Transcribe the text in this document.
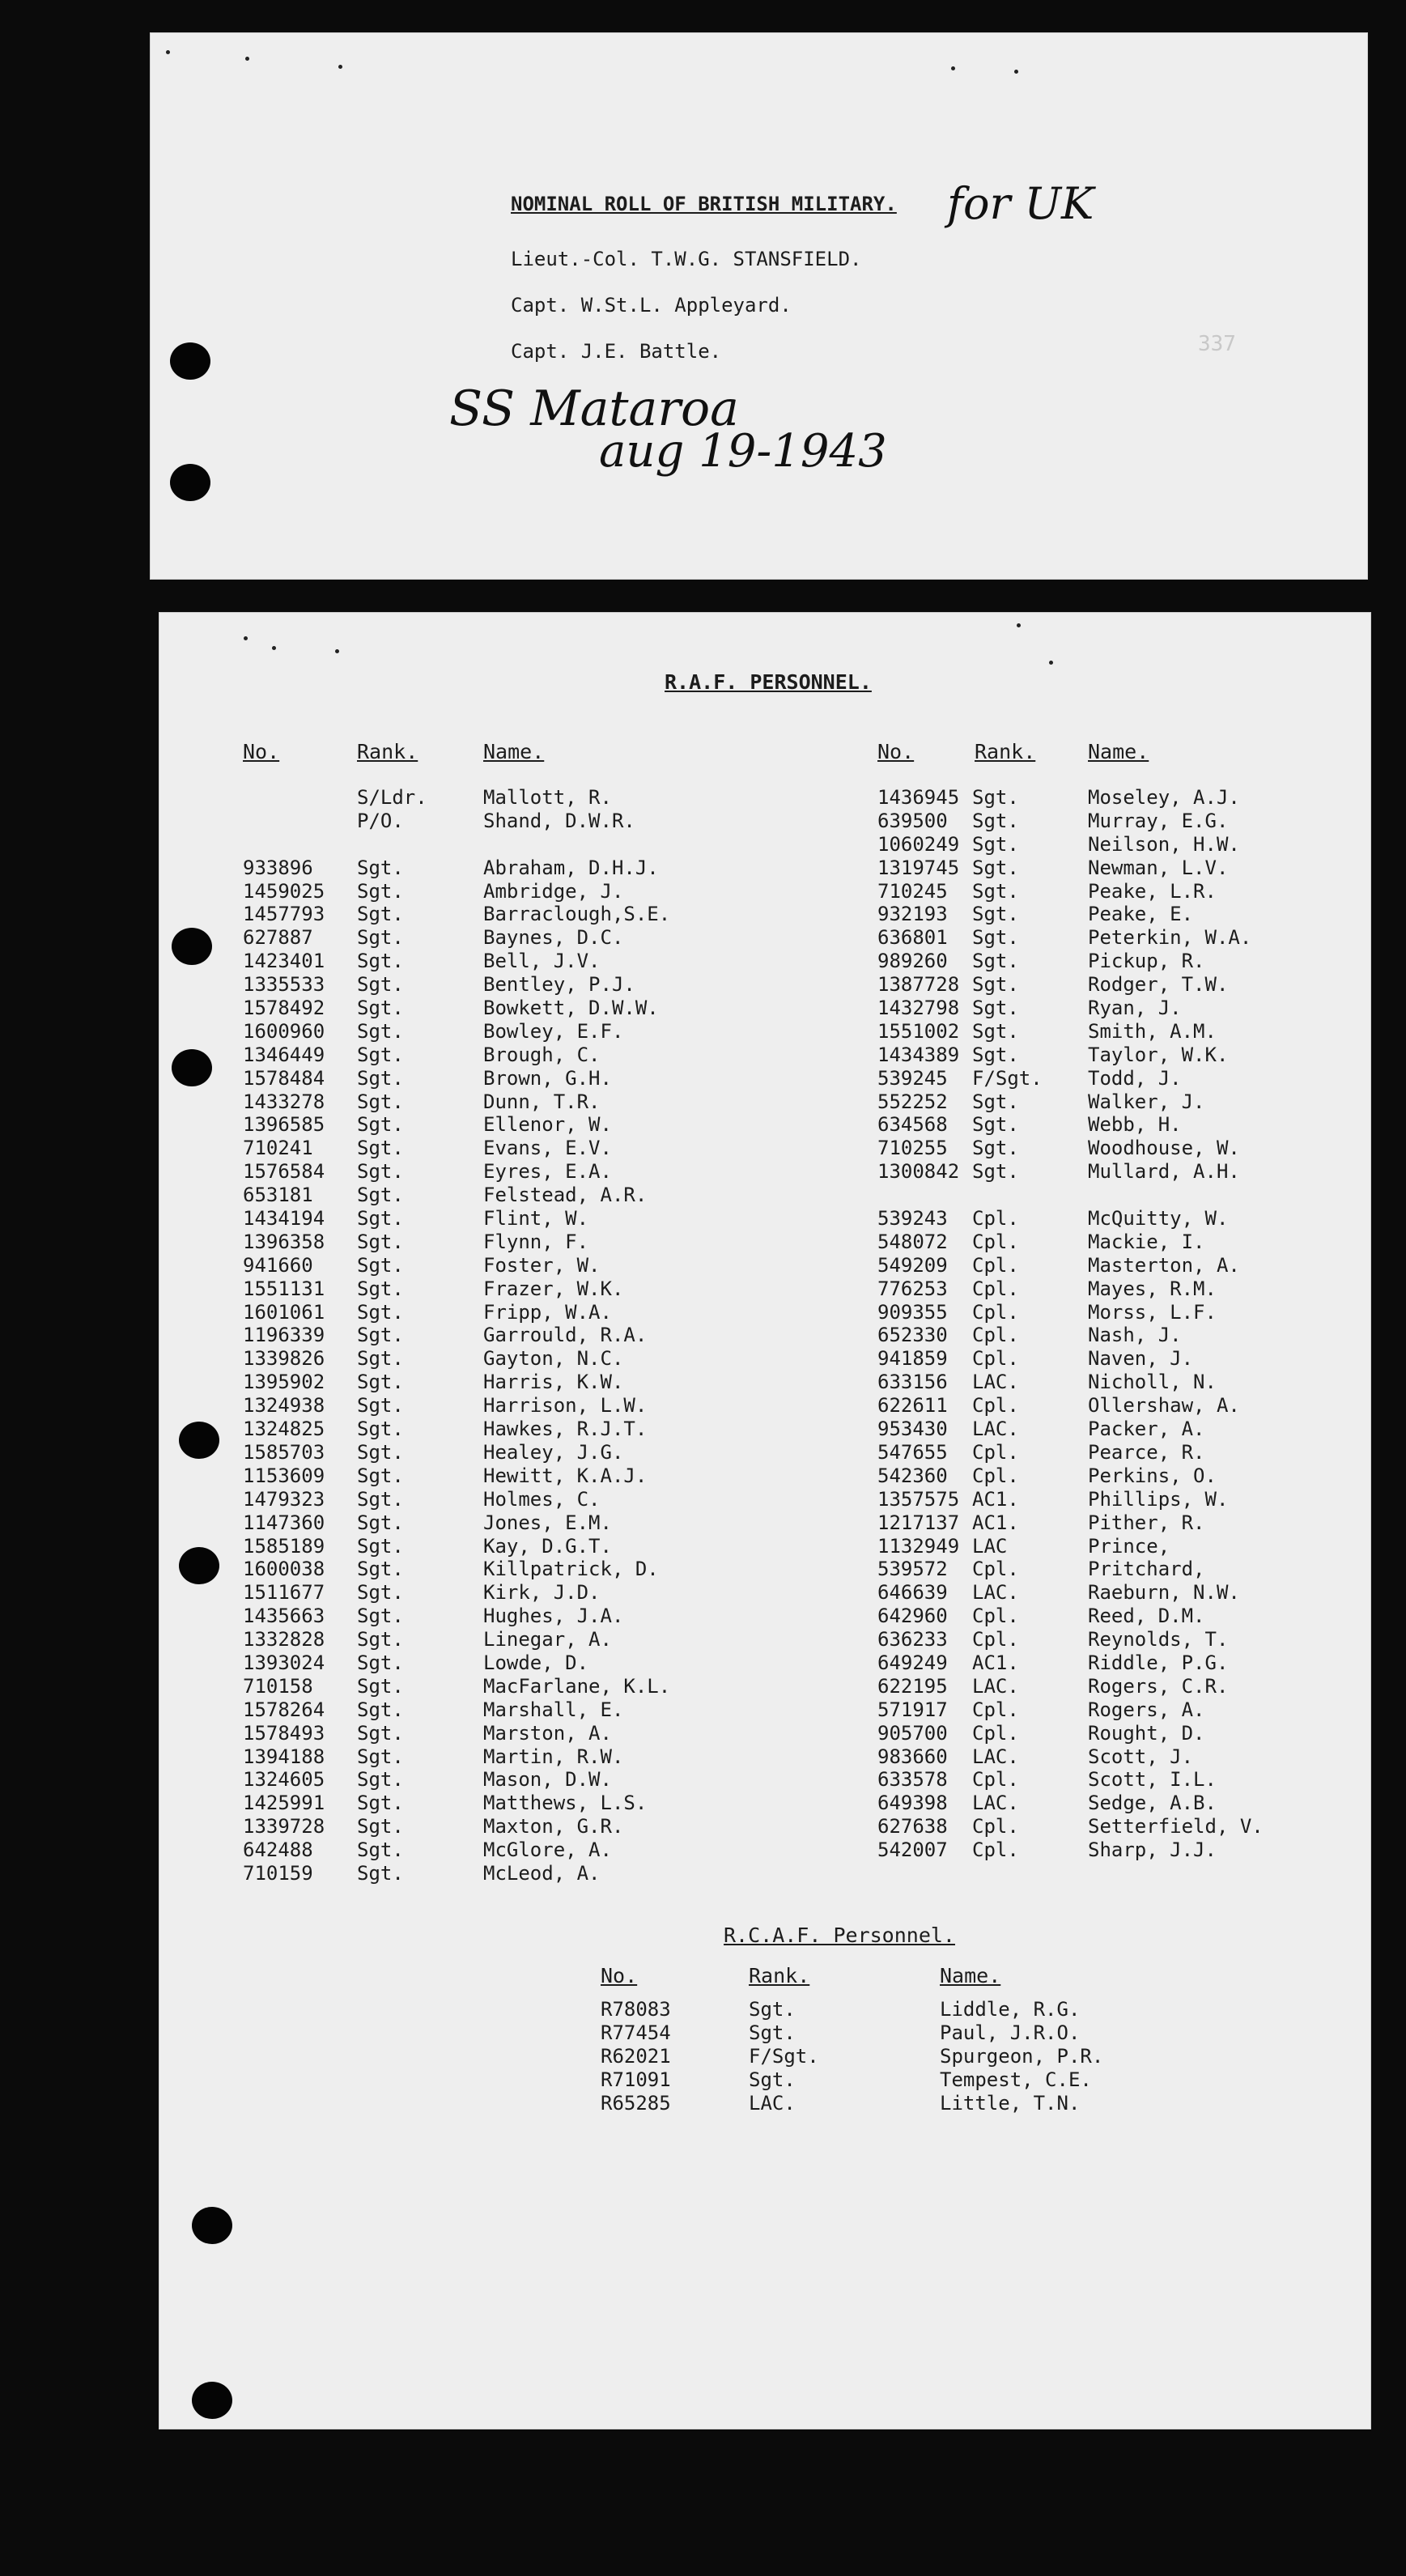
NOMINAL ROLL OF BRITISH MILITARY. for UK
Lieut.-Col. T.W.G. STANSFIELD.
Capt. W.St.L. Appleyard.
Capt. J.E. Battle.	337
SS Mataroa
aug 19-1943
R.A.F. PERSONNEL.
No.	Rank.	Name.	No.	Rank.	Name.
S/Ldr.	Mallott, R.
P/O.	Shand, D.W.R.
933896 Sgt.	Abraham, D.H.J.
1459025 Sgt.	Ambridge, J.
1457793 Sgt.	Barraclough,S.E.
627887 Sgt.	Baynes, D.C.
1423401 Sgt.	Bell, J.V.
1335533 Sgt.	Bentley, P.J.
1578492 Sgt.	Bowkett, D.W.W.
1600960 Sgt.	Bowley, E.F.
1346449 Sgt.	Brough, C.
1578484 Sgt.	Brown, G.H.
1433278 Sgt.	Dunn, T.R.
1396585 Sgt.	Ellenor, W.
710241 Sgt.	Evans, E.V.
1576584 Sgt.	Eyres, E.A.
653181 Sgt.	Felstead, A.R.
1434194 Sgt.	Flint, W.
1396358 Sgt.	Flynn, F.
941660 Sgt.	Foster, W.
1551131 Sgt.	Frazer, W.K.
1601061 Sgt.	Fripp, W.A.
1196339 Sgt.	Garrould, R.A.
1339826 Sgt.	Gayton, N.C.
1395902 Sgt.	Harris, K.W.
1324938 Sgt.	Harrison, L.W.
1324825 Sgt.	Hawkes, R.J.T.
1585703 Sgt.	Healey, J.G.
1153609 Sgt.	Hewitt, K.A.J.
1479323 Sgt.	Holmes, C.
1147360 Sgt.	Jones, E.M.
1585189 Sgt.	Kay, D.G.T.
1600038 Sgt.	Killpatrick, D.
1511677 Sgt.	Kirk, J.D.
1435663 Sgt.	Hughes, J.A.
1332828 Sgt.	Linegar, A.
1393024 Sgt.	Lowde, D.
710158 Sgt.	MacFarlane, K.L.
1578264 Sgt.	Marshall, E.
1578493 Sgt.	Marston, A.
1394188 Sgt.	Martin, R.W.
1324605 Sgt.	Mason, D.W.
1425991 Sgt.	Matthews, L.S.
1339728 Sgt.	Maxton, G.R.
642488 Sgt.	McGlore, A.
710159 Sgt.	McLeod, A.
1436945 Sgt.	Moseley, A.J.
639500 Sgt.	Murray, E.G.
1060249 Sgt.	Neilson, H.W.
1319745 Sgt.	Newman, L.V.
710245 Sgt.	Peake, L.R.
932193 Sgt.	Peake, E.
636801 Sgt.	Peterkin, W.A.
989260 Sgt.	Pickup, R.
1387728 Sgt.	Rodger, T.W.
1432798 Sgt.	Ryan, J.
1551002 Sgt.	Smith, A.M.
1434389 Sgt.	Taylor, W.K.
539245 F/Sgt. Todd, J.
552252 Sgt.	Walker, J.
634568 Sgt.	Webb, H.
710255 Sgt.	Woodhouse, W.
1300842 Sgt.	Mullard, A.H.
539243 Cpl.	McQuitty, W.
548072 Cpl.	Mackie, I.
549209 Cpl.	Masterton, A.
776253 Cpl.	Mayes, R.M.
909355 Cpl.	Morss, L.F.
652330 Cpl.	Nash, J.
941859 Cpl.	Naven, J.
633156 LAC.	Nicholl, N.
622611 Cpl.	Ollershaw, A.
953430 LAC.	Packer, A.
547655 Cpl.	Pearce, R.
542360 Cpl.	Perkins, O.
1357575 AC1.	Phillips, W.
1217137 AC1.	Pither, R.
1132949 LAC	Prince,
539572 Cpl.	Pritchard,
646639 LAC.	Raeburn, N.W.
642960 Cpl.	Reed, D.M.
636233 Cpl.	Reynolds, T.
649249 AC1.	Riddle, P.G.
622195 LAC.	Rogers, C.R.
571917 Cpl.	Rogers, A.
905700 Cpl.	Rought, D.
983660 LAC.	Scott, J.
633578 Cpl.	Scott, I.L.
649398 LAC.	Sedge, A.B.
627638 Cpl.	Setterfield, V.
542007 Cpl.	Sharp, J.J.
R.C.A.F. Personnel.
No.	Rank.	Name.
R78083	Sgt.	Liddle, R.G.
R77454	Sgt.	Paul, J.R.O.
R62021	F/Sgt.	Spurgeon, P.R.
R71091	Sgt.	Tempest, C.E.
R65285	LAC.	Little, T.N.
